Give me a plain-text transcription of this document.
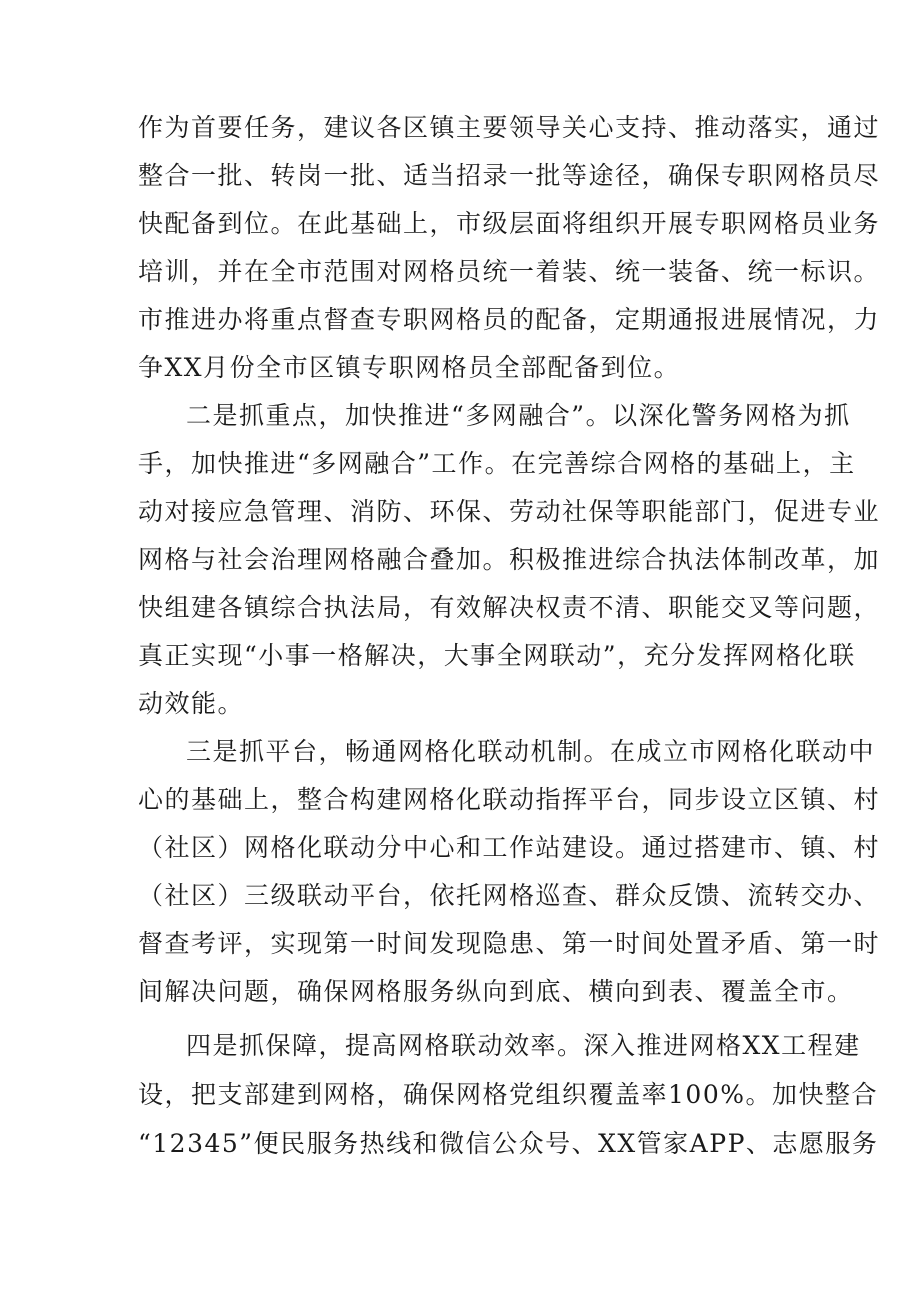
作为首要任务，建议各区镇主要领导关心支持、推动落实，通过
整合一批、转岗一批、适当招录一批等途径，确保专职网格员尽
快配备到位。在此基础上，市级层面将组织开展专职网格员业务
培训，并在全市范围对网格员统一着装、统一装备、统一标识。
市推进办将重点督查专职网格员的配备，定期通报进展情况，力
争XX月份全市区镇专职网格员全部配备到位。
二是抓重点，加快推进“多网融合”。以深化警务网格为抓
手，加快推进“多网融合”工作。在完善综合网格的基础上，主
动对接应急管理、消防、环保、劳动社保等职能部门，促进专业
网格与社会治理网格融合叠加。积极推进综合执法体制改革，加
快组建各镇综合执法局，有效解决权责不清、职能交叉等问题，
真正实现“小事一格解决，大事全网联动”，充分发挥网格化联
动效能。
三是抓平台，畅通网格化联动机制。在成立市网格化联动中
心的基础上，整合构建网格化联动指挥平台，同步设立区镇、村
（社区）网格化联动分中心和工作站建设。通过搭建市、镇、村
（社区）三级联动平台，依托网格巡查、群众反馈、流转交办、
督查考评，实现第一时间发现隐患、第一时间处置矛盾、第一时
间解决问题，确保网格服务纵向到底、横向到表、覆盖全市。
四是抓保障，提高网格联动效率。深入推进网格XX工程建
设，把支部建到网格，确保网格党组织覆盖率100%。加快整合
“12345”便民服务热线和微信公众号、XX管家APP、志愿服务
